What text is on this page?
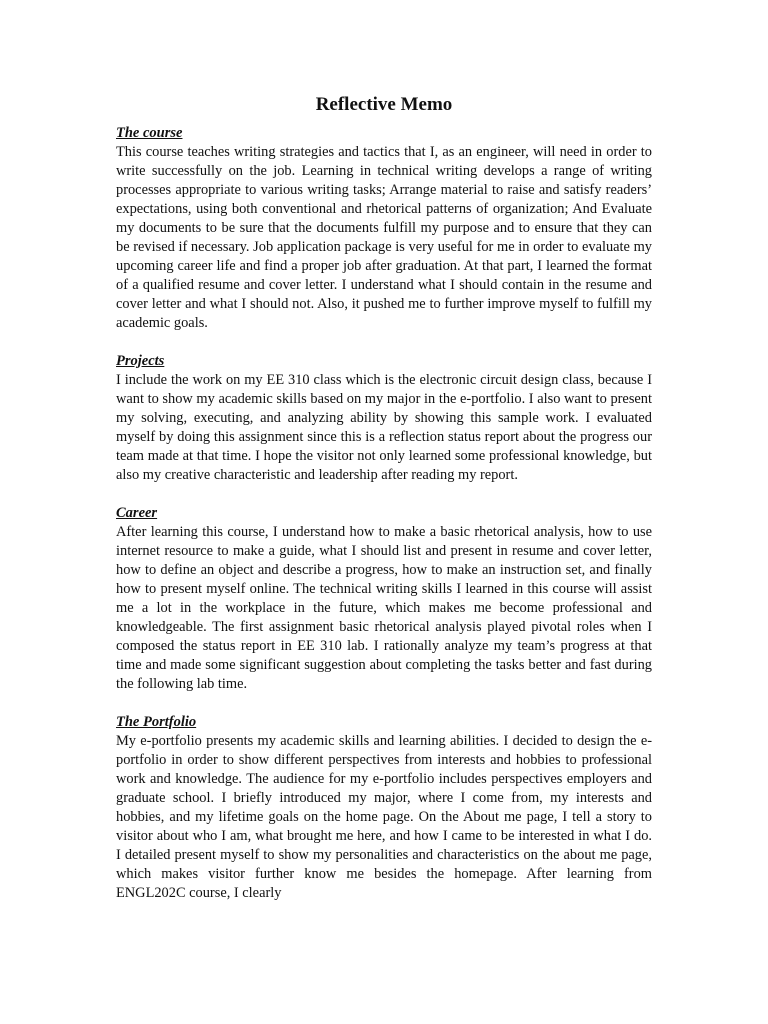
Reflective Memo

The course

This course teaches writing strategies and tactics that I, as an engineer, will need in order to write successfully on the job. Learning in technical writing develops a range of writing processes appropriate to various writing tasks; Arrange material to raise and satisfy readers’ expectations, using both conventional and rhetorical patterns of organization; And Evaluate my documents to be sure that the documents fulfill my purpose and to ensure that they can be revised if necessary. Job application package is very useful for me in order to evaluate my upcoming career life and find a proper job after graduation. At that part, I learned the format of a qualified resume and cover letter. I understand what I should contain in the resume and cover letter and what I should not. Also, it pushed me to further improve myself to fulfill my academic goals.

Projects

I include the work on my EE 310 class which is the electronic circuit design class, because I want to show my academic skills based on my major in the e-portfolio. I also want to present my solving, executing, and analyzing ability by showing this sample work. I evaluated myself by doing this assignment since this is a reflection status report about the progress our team made at that time. I hope the visitor not only learned some professional knowledge, but also my creative characteristic and leadership after reading my report.

Career

After learning this course, I understand how to make a basic rhetorical analysis, how to use internet resource to make a guide, what I should list and present in resume and cover letter, how to define an object and describe a progress, how to make an instruction set, and finally how to present myself online. The technical writing skills I learned in this course will assist me a lot in the workplace in the future, which makes me become professional and knowledgeable. The first assignment basic rhetorical analysis played pivotal roles when I composed the status report in EE 310 lab. I rationally analyze my team’s progress at that time and made some significant suggestion about completing the tasks better and fast during the following lab time.

The Portfolio

My e-portfolio presents my academic skills and learning abilities. I decided to design the e-portfolio in order to show different perspectives from interests and hobbies to professional work and knowledge. The audience for my e-portfolio includes perspectives employers and graduate school. I briefly introduced my major, where I come from, my interests and hobbies, and my lifetime goals on the home page. On the About me page, I tell a story to visitor about who I am, what brought me here, and how I came to be interested in what I do. I detailed present myself to show my personalities and characteristics on the about me page, which makes visitor further know me besides the homepage. After learning from ENGL202C course, I clearly
